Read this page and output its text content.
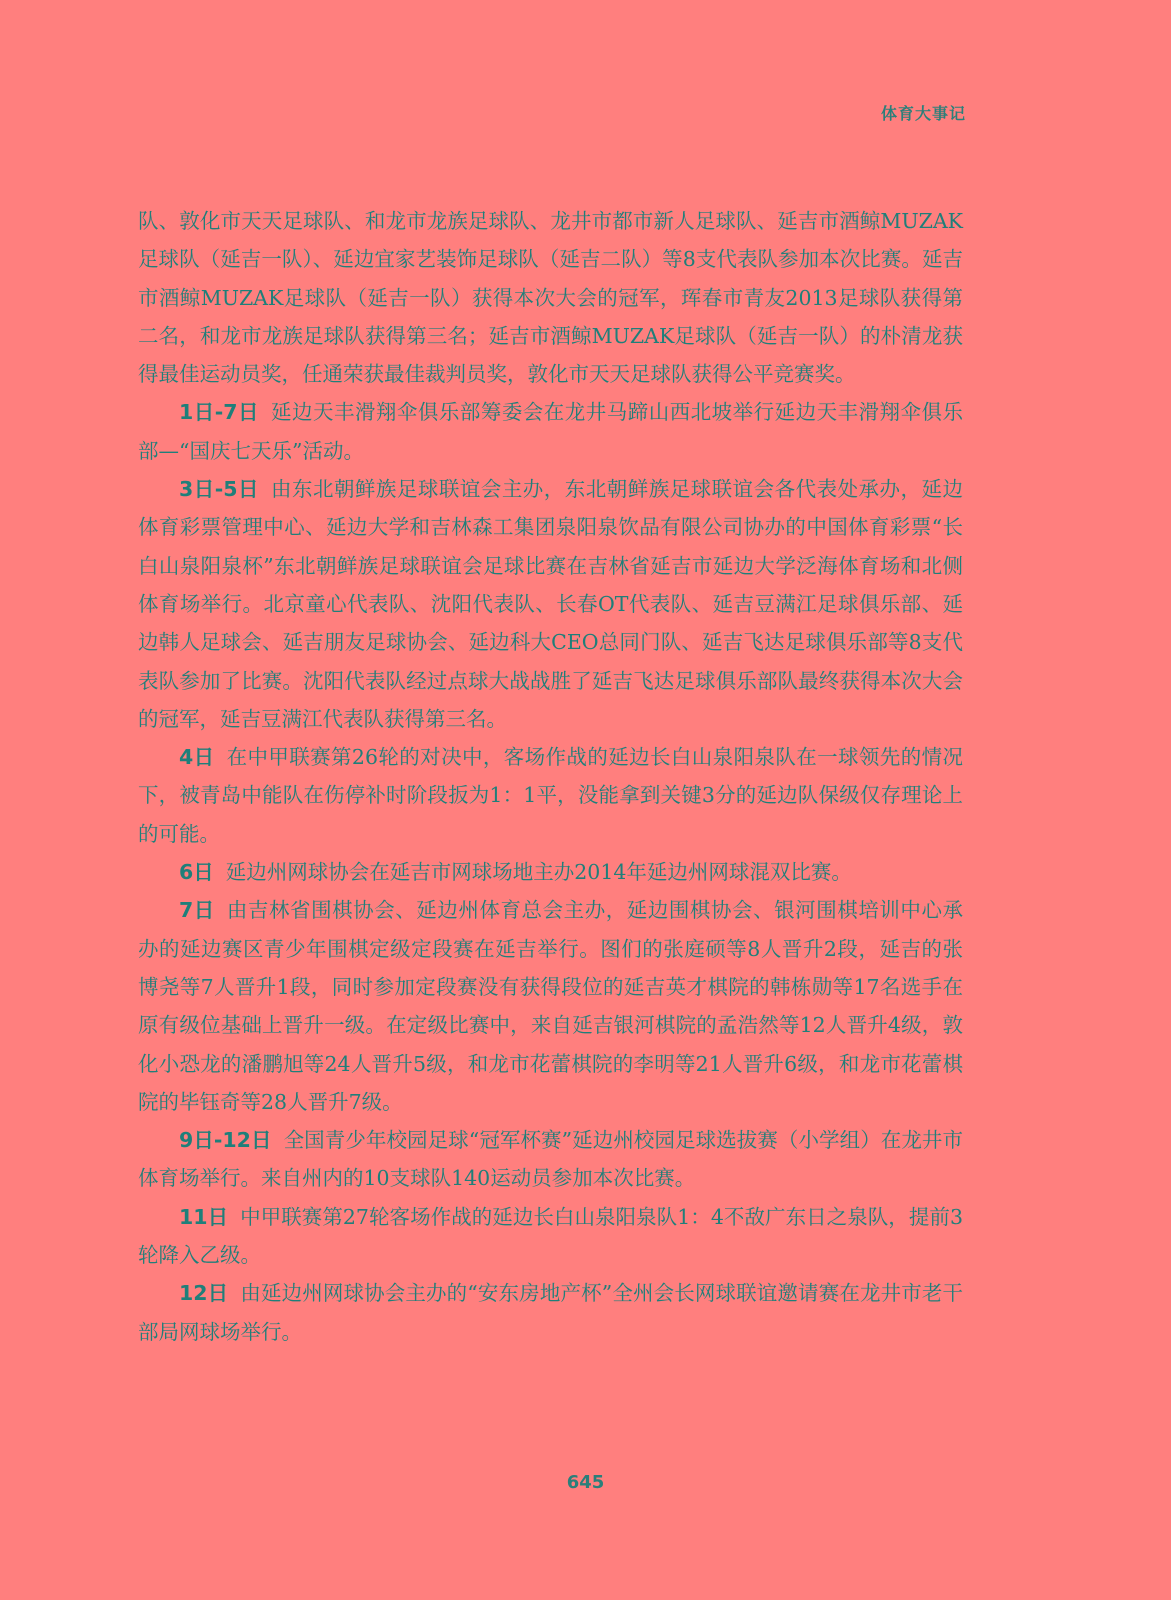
体育大事记

队、敦化市天天足球队、和龙市龙族足球队、龙井市都市新人足球队、延吉市酒鲸MUZAK足球队（延吉一队）、延边宜家艺装饰足球队（延吉二队）等8支代表队参加本次比赛。延吉市酒鲸MUZAK足球队（延吉一队）获得本次大会的冠军，珲春市青友2013足球队获得第二名，和龙市龙族足球队获得第三名；延吉市酒鲸MUZAK足球队（延吉一队）的朴清龙获得最佳运动员奖，任通荣获最佳裁判员奖，敦化市天天足球队获得公平竞赛奖。

1日-7日 延边天丰滑翔伞俱乐部筹委会在龙井马蹄山西北坡举行延边天丰滑翔伞俱乐部—“国庆七天乐”活动。

3日-5日 由东北朝鲜族足球联谊会主办，东北朝鲜族足球联谊会各代表处承办，延边体育彩票管理中心、延边大学和吉林森工集团泉阳泉饮品有限公司协办的中国体育彩票“长白山泉阳泉杯”东北朝鲜族足球联谊会足球比赛在吉林省延吉市延边大学泛海体育场和北侧体育场举行。北京童心代表队、沈阳代表队、长春OT代表队、延吉豆满江足球俱乐部、延边韩人足球会、延吉朋友足球协会、延边科大CEO总同门队、延吉飞达足球俱乐部等8支代表队参加了比赛。沈阳代表队经过点球大战战胜了延吉飞达足球俱乐部队最终获得本次大会的冠军，延吉豆满江代表队获得第三名。

4日 在中甲联赛第26轮的对决中，客场作战的延边长白山泉阳泉队在一球领先的情况下，被青岛中能队在伤停补时阶段扳为1：1平，没能拿到关键3分的延边队保级仅存理论上的可能。

6日 延边州网球协会在延吉市网球场地主办2014年延边州网球混双比赛。

7日 由吉林省围棋协会、延边州体育总会主办，延边围棋协会、银河围棋培训中心承办的延边赛区青少年围棋定级定段赛在延吉举行。图们的张庭硕等8人晋升2段，延吉的张博尧等7人晋升1段，同时参加定段赛没有获得段位的延吉英才棋院的韩栋勋等17名选手在原有级位基础上晋升一级。在定级比赛中，来自延吉银河棋院的孟浩然等12人晋升4级，敦化小恐龙的潘鹏旭等24人晋升5级，和龙市花蕾棋院的李明等21人晋升6级，和龙市花蕾棋院的毕钰奇等28人晋升7级。

9日-12日 全国青少年校园足球“冠军杯赛”延边州校园足球选拔赛（小学组）在龙井市体育场举行。来自州内的10支球队140运动员参加本次比赛。

11日 中甲联赛第27轮客场作战的延边长白山泉阳泉队1：4不敌广东日之泉队，提前3轮降入乙级。

12日 由延边州网球协会主办的“安东房地产杯”全州会长网球联谊邀请赛在龙井市老干部局网球场举行。

645
